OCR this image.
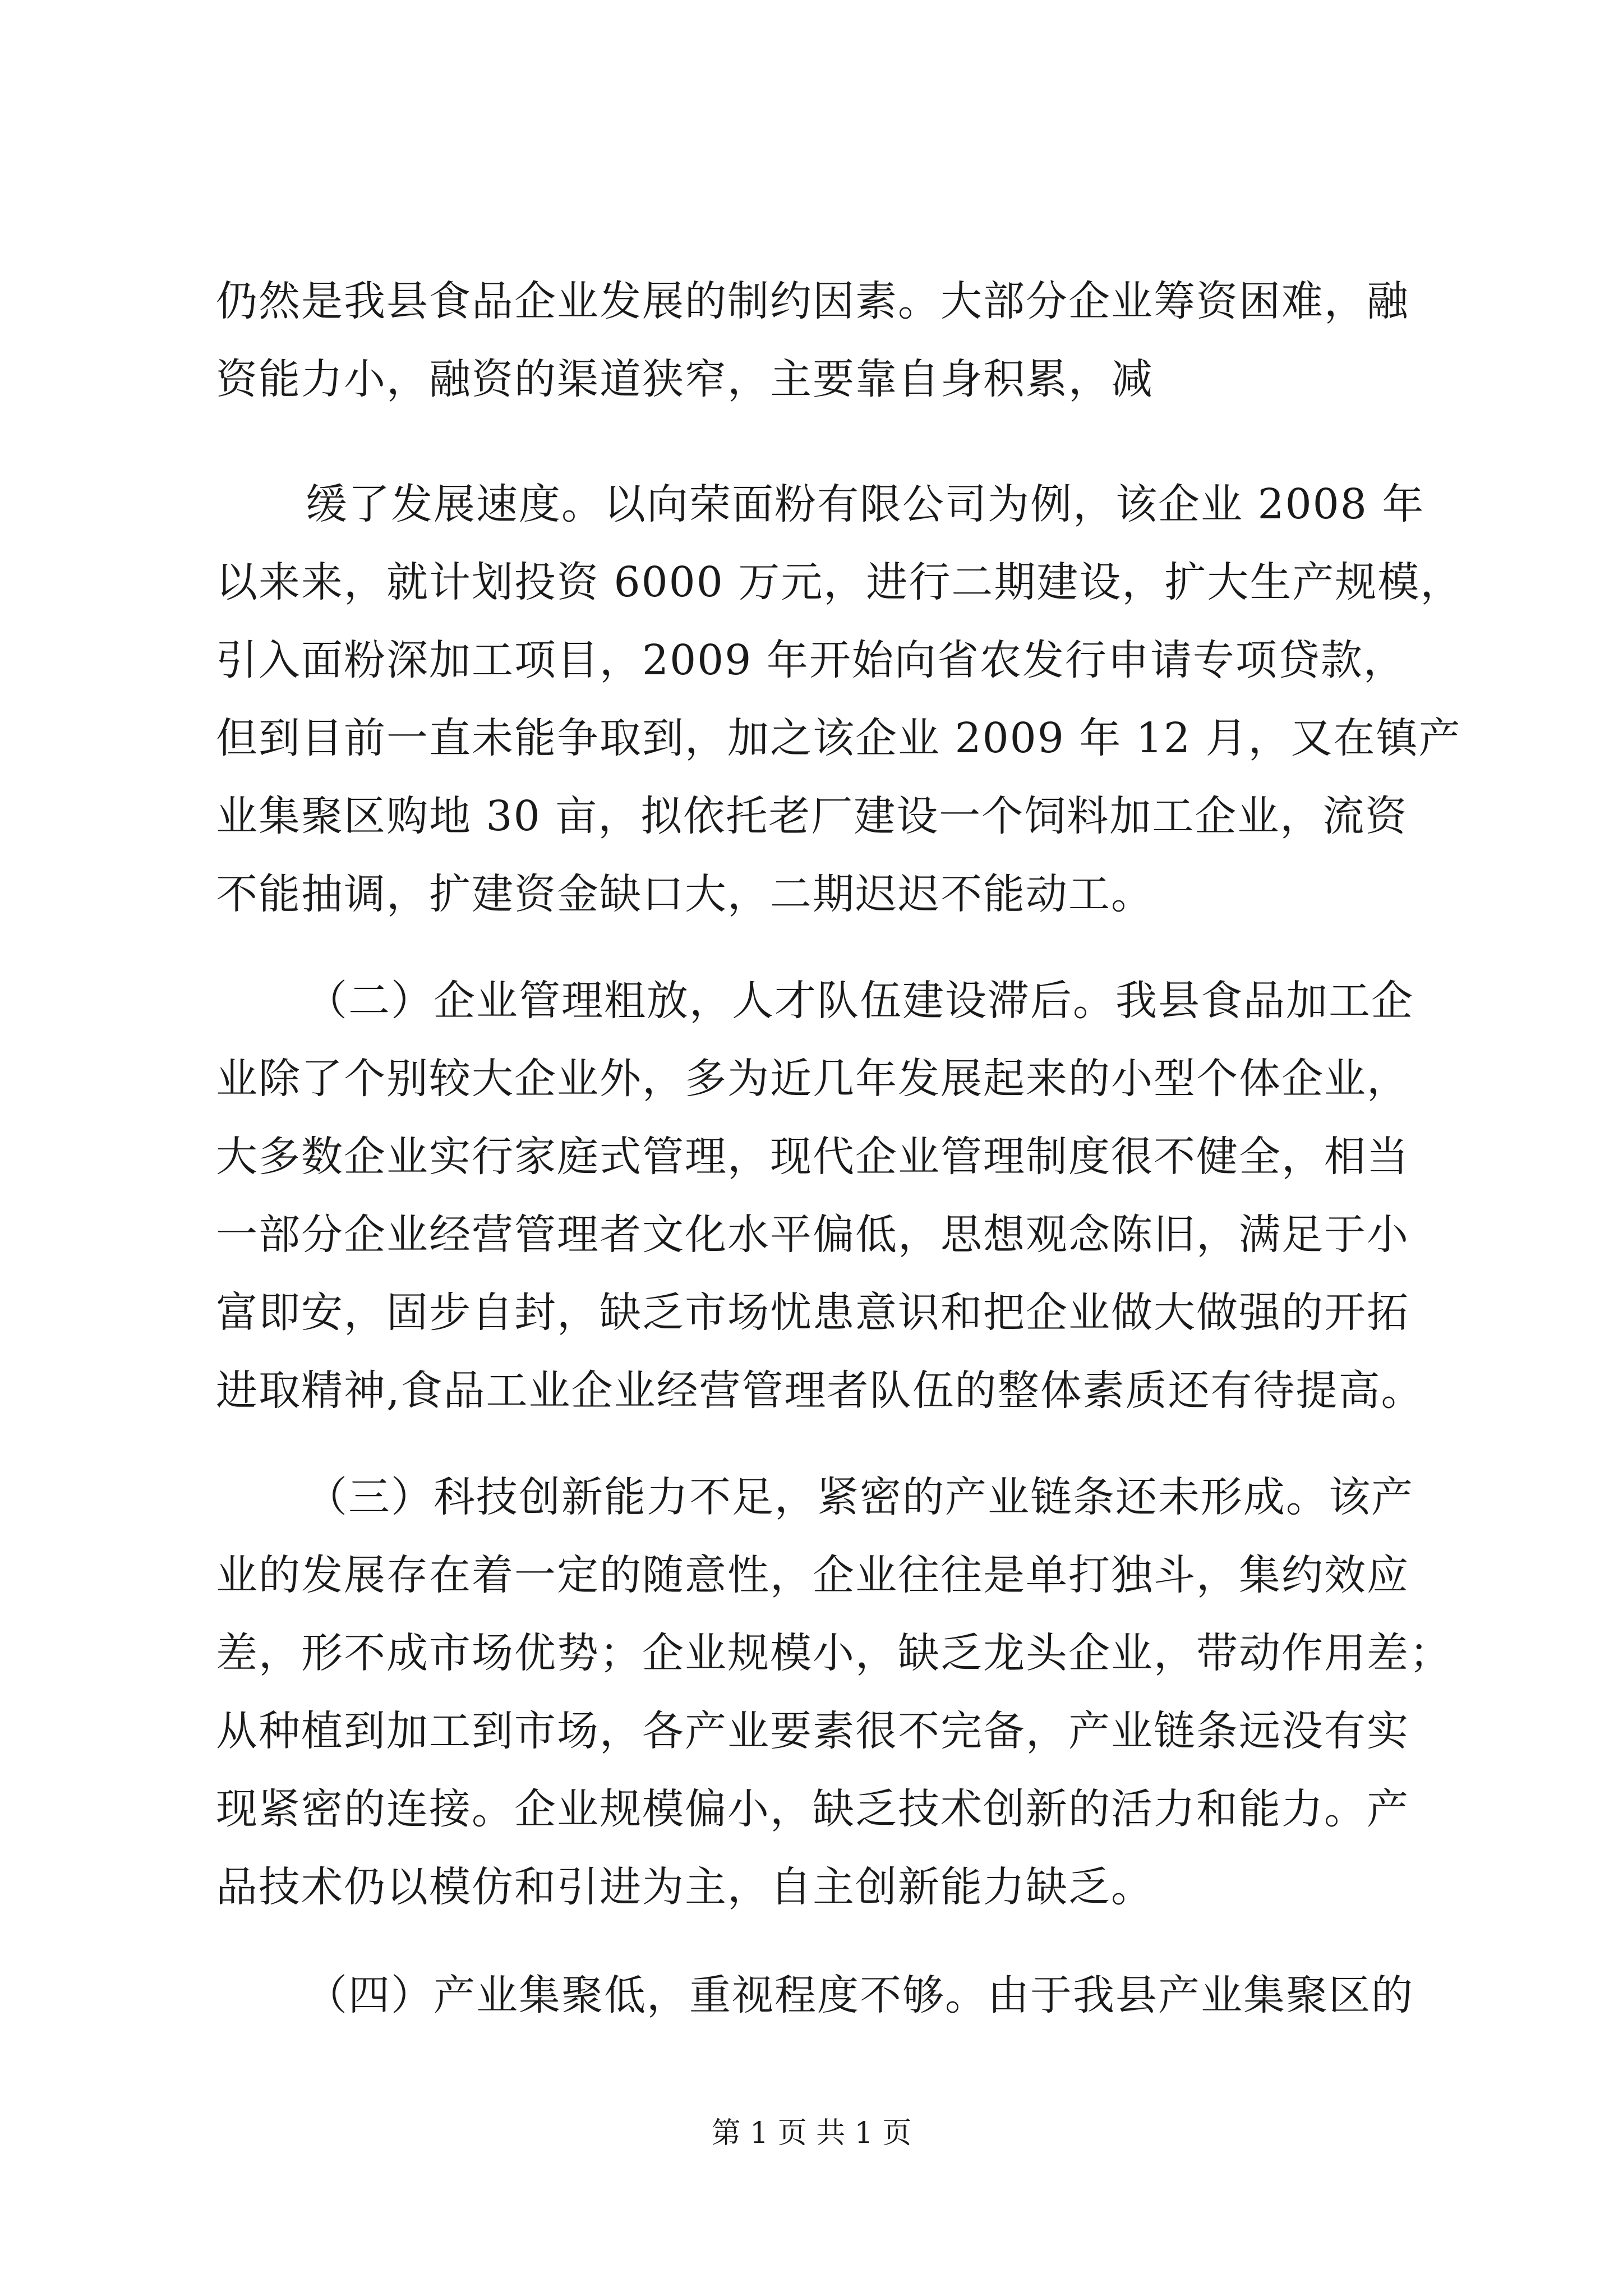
仍然是我县食品企业发展的制约因素。大部分企业筹资困难，融
资能力小，融资的渠道狭窄，主要靠自身积累，减
缓了发展速度。以向荣面粉有限公司为例，该企业 2008 年
以来来，就计划投资 6000 万元，进行二期建设，扩大生产规模，
引入面粉深加工项目，2009 年开始向省农发行申请专项贷款，
但到目前一直未能争取到，加之该企业 2009 年 12 月，又在镇产
业集聚区购地 30 亩，拟依托老厂建设一个饲料加工企业，流资
不能抽调，扩建资金缺口大，二期迟迟不能动工。
（二）企业管理粗放，人才队伍建设滞后。我县食品加工企
业除了个别较大企业外，多为近几年发展起来的小型个体企业，
大多数企业实行家庭式管理，现代企业管理制度很不健全，相当
一部分企业经营管理者文化水平偏低，思想观念陈旧，满足于小
富即安，固步自封，缺乏市场忧患意识和把企业做大做强的开拓
进取精神,食品工业企业经营管理者队伍的整体素质还有待提高。
（三）科技创新能力不足，紧密的产业链条还未形成。该产
业的发展存在着一定的随意性，企业往往是单打独斗，集约效应
差，形不成市场优势；企业规模小，缺乏龙头企业，带动作用差；
从种植到加工到市场，各产业要素很不完备，产业链条远没有实
现紧密的连接。企业规模偏小，缺乏技术创新的活力和能力。产
品技术仍以模仿和引进为主，自主创新能力缺乏。
（四）产业集聚低，重视程度不够。由于我县产业集聚区的
第 1 页 共 1 页
